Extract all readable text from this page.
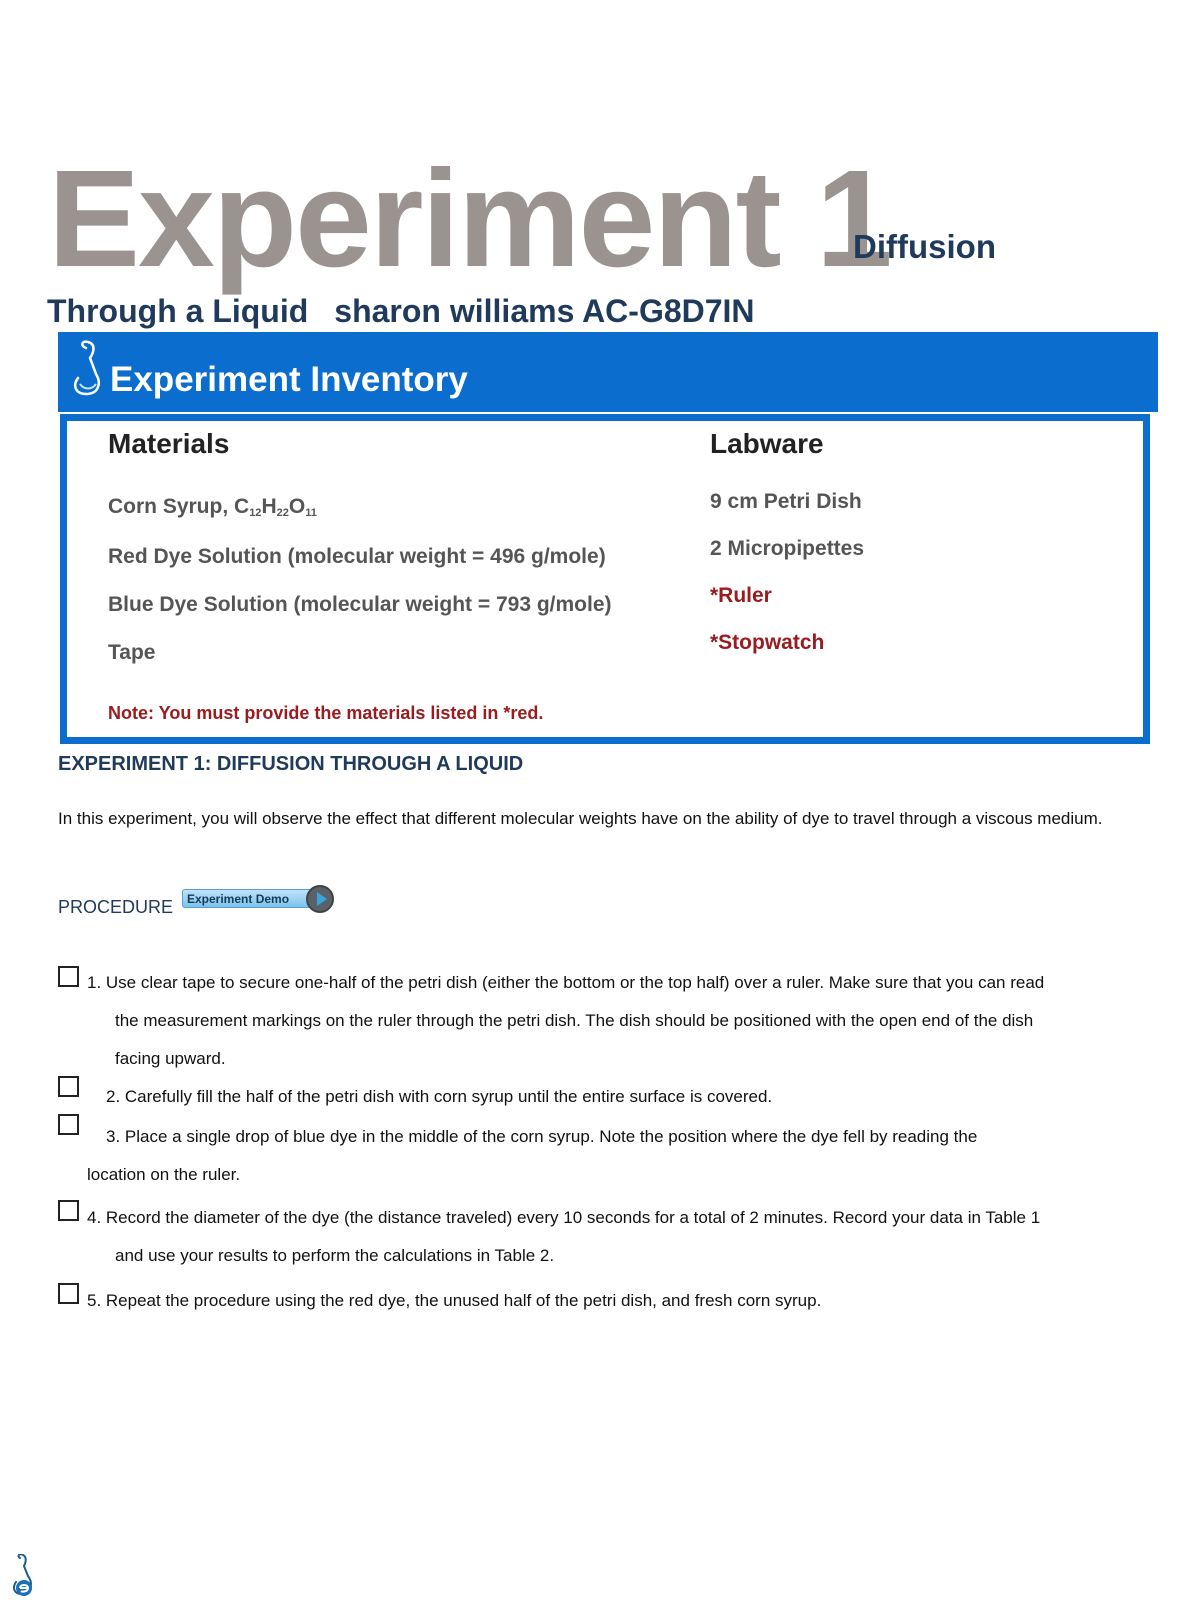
Experiment 1
Diffusion
Through a Liquid sharon williams AC-G8D7IN
Experiment Inventory
Materials	Labware
Corn Syrup, $C_{12}H_{22}O_{11}$
Red Dye Solution (molecular weight = 496 g/mole)
Blue Dye Solution (molecular weight = 793 g/mole)
Tape
9 cm Petri Dish
2 Micropipettes
*Ruler
*Stopwatch
Note: You must provide the materials listed in *red.
EXPERIMENT 1: DIFFUSION THROUGH A LIQUID
In this experiment, you will observe the effect that different molecular weights have on the ability of dye to travel through a viscous medium.
PROCEDURE	Experiment Demo
1. Use clear tape to secure one-half of the petri dish (either the bottom or the top half) over a ruler. Make sure that you can read
the measurement markings on the ruler through the petri dish. The dish should be positioned with the open end of the dish
facing upward.
2. Carefully fill the half of the petri dish with corn syrup until the entire surface is covered.
3. Place a single drop of blue dye in the middle of the corn syrup. Note the position where the dye fell by reading the
location on the ruler.
4. Record the diameter of the dye (the distance traveled) every 10 seconds for a total of 2 minutes. Record your data in Table 1
and use your results to perform the calculations in Table 2.
5. Repeat the procedure using the red dye, the unused half of the petri dish, and fresh corn syrup.
